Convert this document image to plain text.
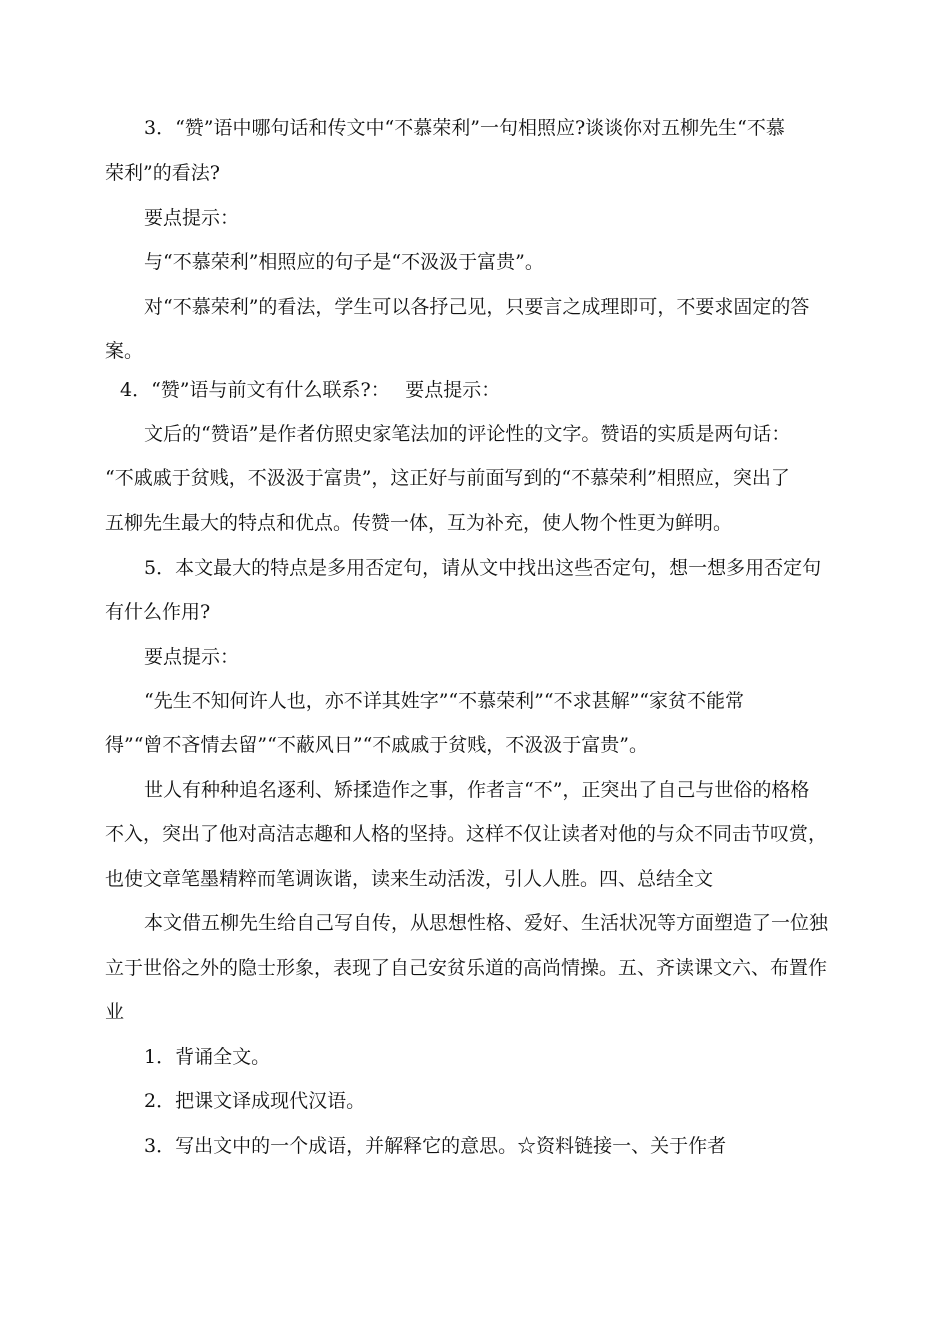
3．“赞”语中哪句话和传文中“不慕荣利”一句相照应?谈谈你对五柳先生“不慕
荣利”的看法?
要点提示：
与“不慕荣利”相照应的句子是“不汲汲于富贵”。
对“不慕荣利”的看法，学生可以各抒己见，只要言之成理即可，不要求固定的答
案。
4．“赞”语与前文有什么联系?：　 要点提示：
文后的“赞语”是作者仿照史家笔法加的评论性的文字。赞语的实质是两句话：
“不戚戚于贫贱，不汲汲于富贵”，这正好与前面写到的“不慕荣利”相照应，突出了
五柳先生最大的特点和优点。传赞一体，互为补充，使人物个性更为鲜明。
5．本文最大的特点是多用否定句，请从文中找出这些否定句，想一想多用否定句
有什么作用?
要点提示：
“先生不知何许人也，亦不详其姓字”“不慕荣利”“不求甚解”“家贫不能常
得”“曾不吝情去留”“不蔽风日”“不戚戚于贫贱，不汲汲于富贵”。
世人有种种追名逐利、矫揉造作之事，作者言“不”，正突出了自己与世俗的格格
不入，突出了他对高洁志趣和人格的坚持。这样不仅让读者对他的与众不同击节叹赏，
也使文章笔墨精粹而笔调诙谐，读来生动活泼，引人人胜。四、总结全文
本文借五柳先生给自己写自传，从思想性格、爱好、生活状况等方面塑造了一位独
立于世俗之外的隐士形象，表现了自己安贫乐道的高尚情操。五、齐读课文六、布置作
业
1．背诵全文。
2．把课文译成现代汉语。
3．写出文中的一个成语，并解释它的意思。☆资料链接一、关于作者
